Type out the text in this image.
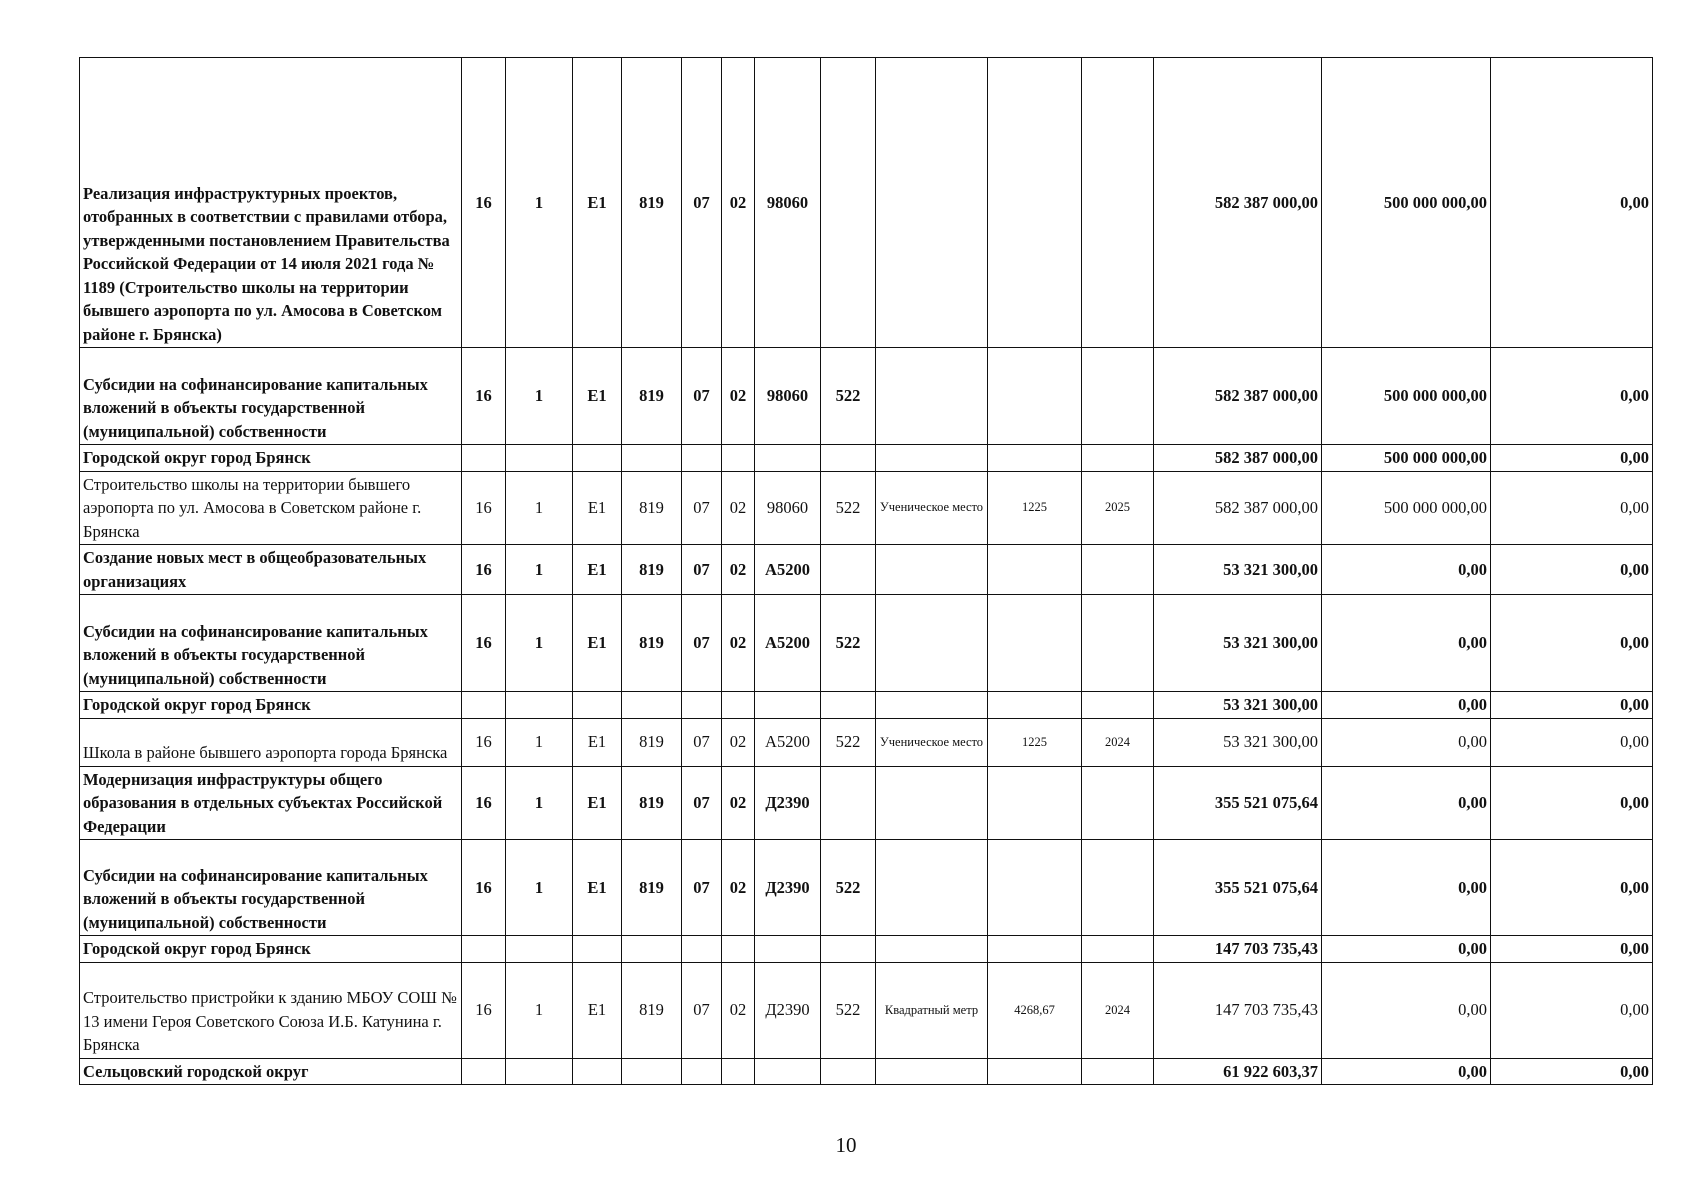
Реализация инфраструктурных проектов, отобранных в соответствии с правилами отбора, утвержденными постановлением Правительства Российской Федерации от 14 июля 2021 года № 1189 (Строительство школы на территории бывшего аэропорта по ул. Амосова в Советском районе г. Брянска)	16	1	E1	819	07	02	98060					582 387 000,00	500 000 000,00	0,00
Субсидии на софинансирование капитальных вложений в объекты государственной (муниципальной) собственности	16	1	E1	819	07	02	98060	522				582 387 000,00	500 000 000,00	0,00
Городской округ город Брянск												582 387 000,00	500 000 000,00	0,00
Строительство школы на территории бывшего аэропорта по ул. Амосова в Советском районе г. Брянска	16	1	E1	819	07	02	98060	522	Ученическое место	1225	2025	582 387 000,00	500 000 000,00	0,00
Создание новых мест в общеобразовательных организациях	16	1	E1	819	07	02	A5200					53 321 300,00	0,00	0,00
Субсидии на софинансирование капитальных вложений в объекты государственной (муниципальной) собственности	16	1	E1	819	07	02	A5200	522				53 321 300,00	0,00	0,00
Городской округ город Брянск												53 321 300,00	0,00	0,00
Школа в районе бывшего аэропорта города Брянска	16	1	E1	819	07	02	A5200	522	Ученическое место	1225	2024	53 321 300,00	0,00	0,00
Модернизация инфраструктуры общего образования в отдельных субъектах Российской Федерации	16	1	E1	819	07	02	Д2390					355 521 075,64	0,00	0,00
Субсидии на софинансирование капитальных вложений в объекты государственной (муниципальной) собственности	16	1	E1	819	07	02	Д2390	522				355 521 075,64	0,00	0,00
Городской округ город Брянск												147 703 735,43	0,00	0,00
Строительство пристройки к зданию МБОУ СОШ № 13 имени Героя Советского Союза И.Б. Катунина г. Брянска	16	1	E1	819	07	02	Д2390	522	Квадратный метр	4268,67	2024	147 703 735,43	0,00	0,00
Сельцовский городской округ												61 922 603,37	0,00	0,00
10
